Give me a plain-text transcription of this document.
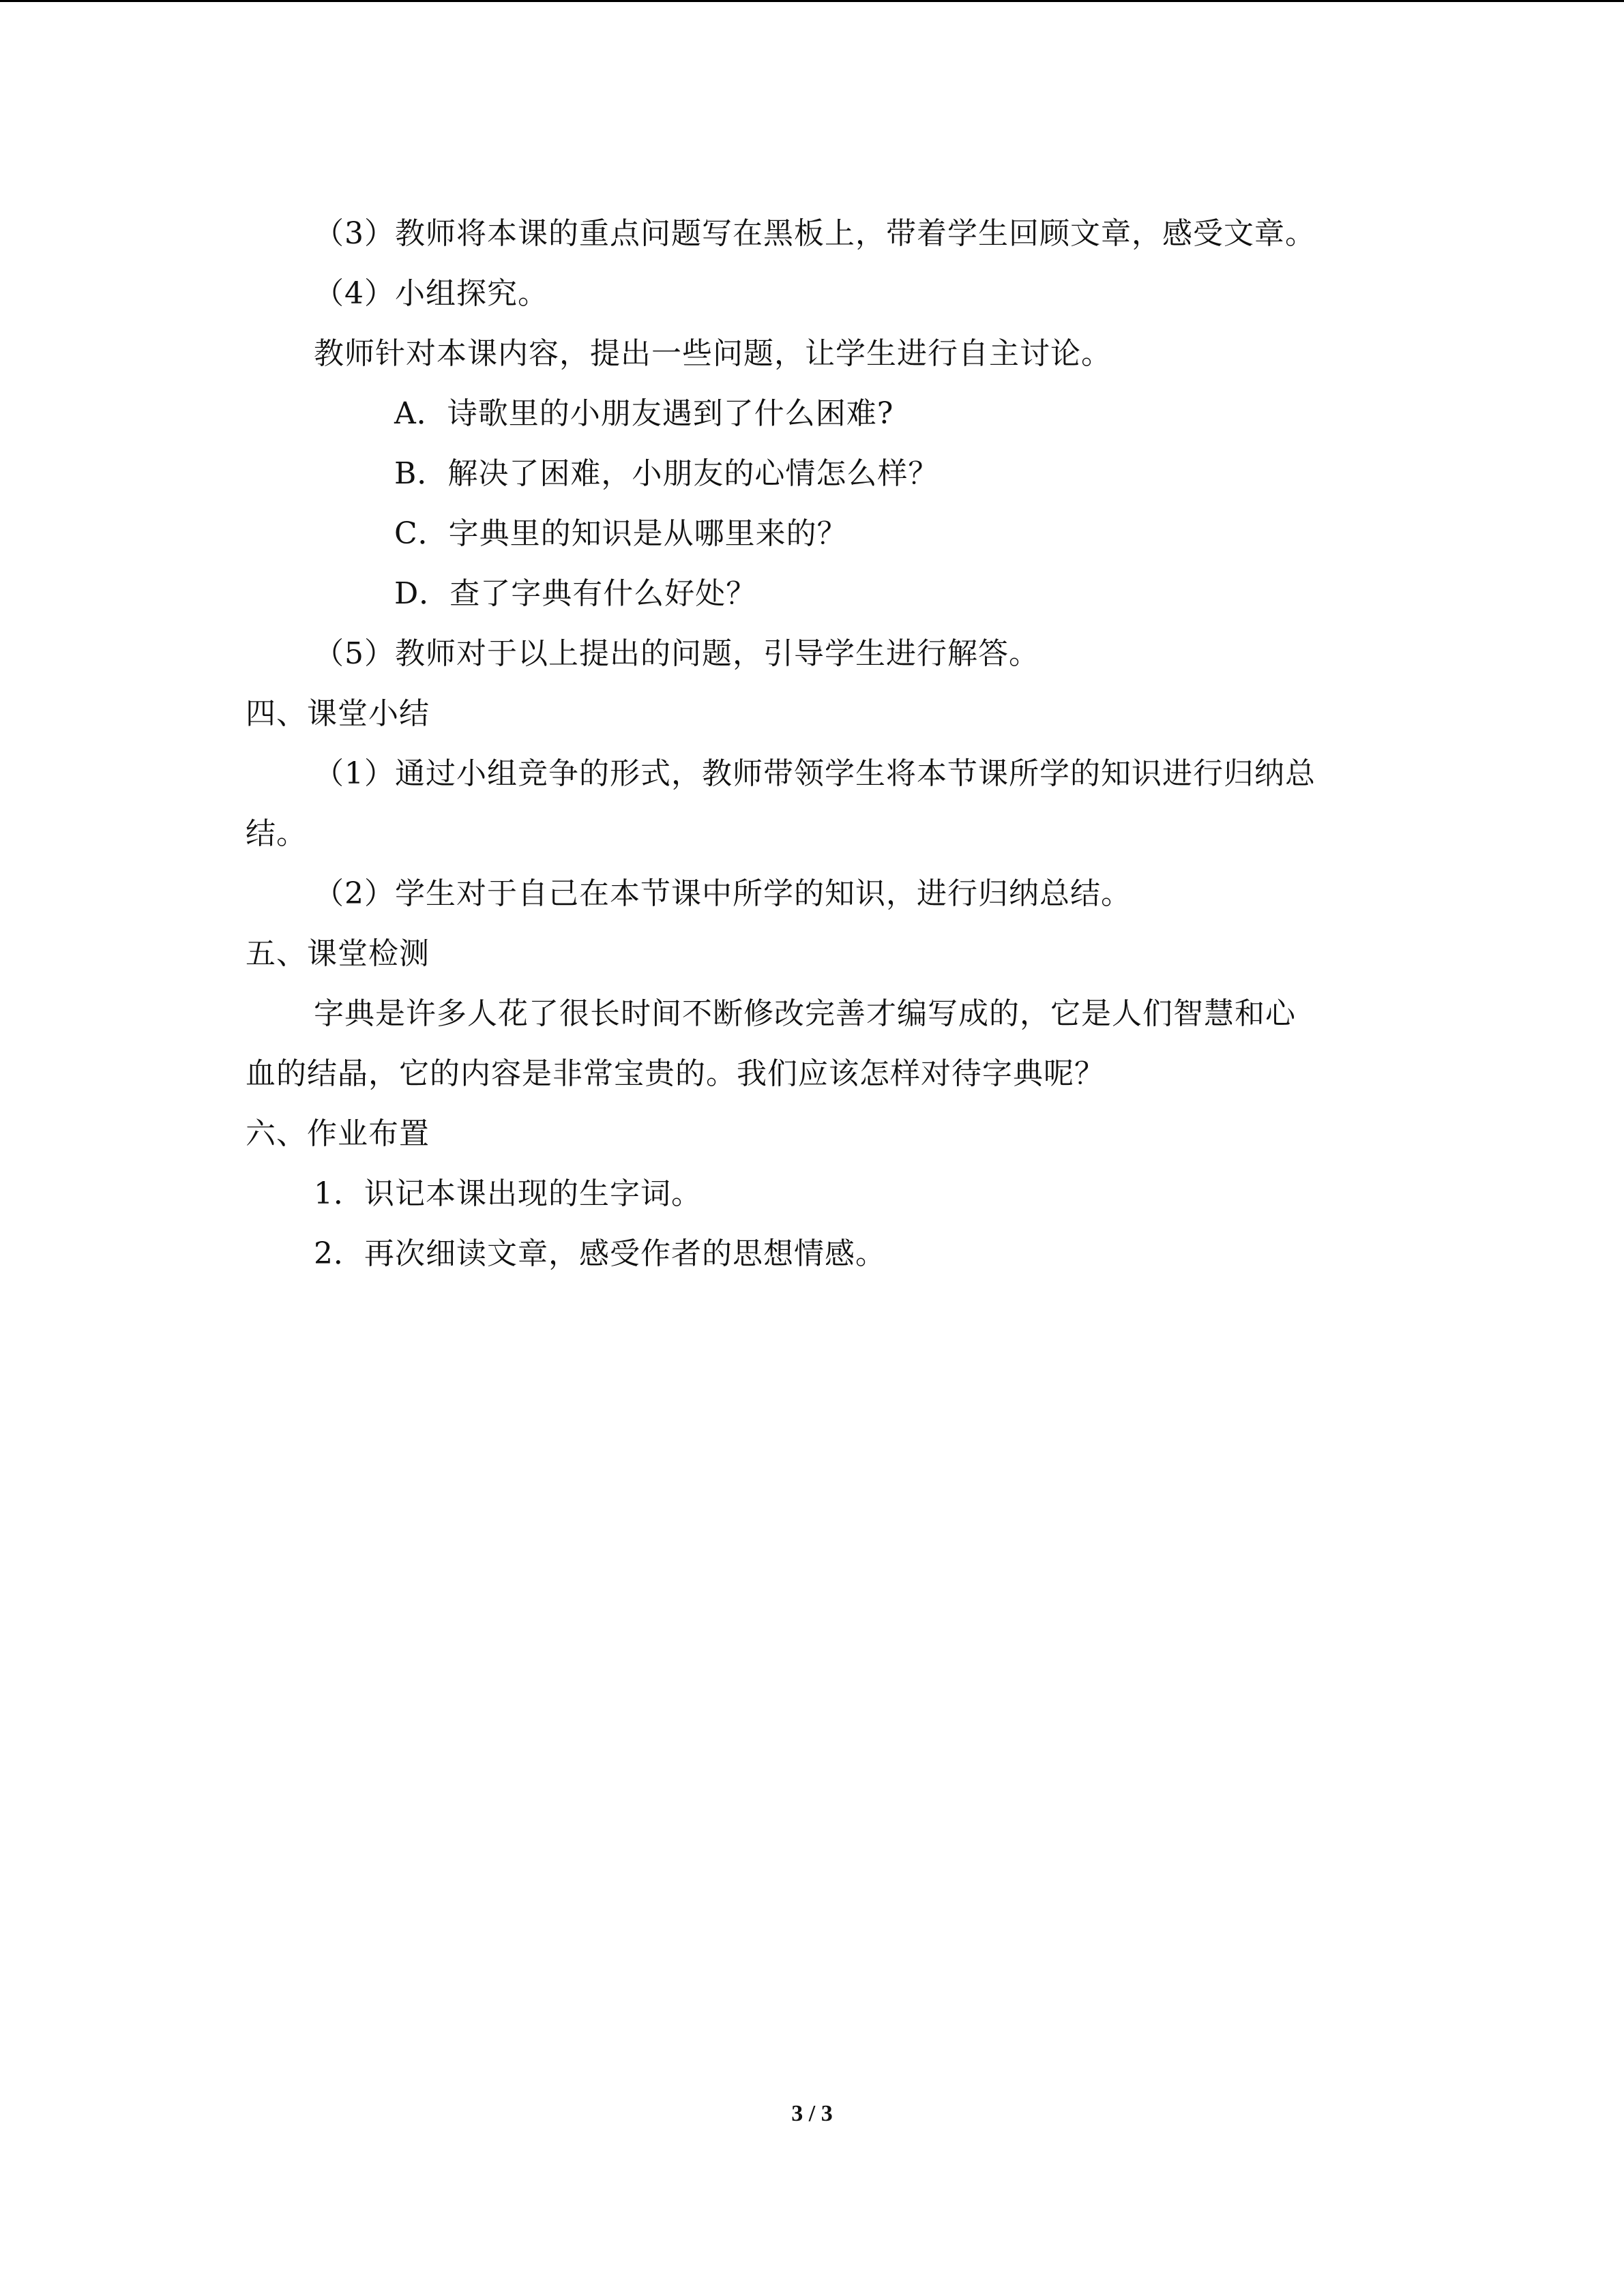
（3）教师将本课的重点问题写在黑板上，带着学生回顾文章，感受文章。
（4）小组探究。
教师针对本课内容，提出一些问题，让学生进行自主讨论。
A．诗歌里的小朋友遇到了什么困难?
B．解决了困难，小朋友的心情怎么样？
C．字典里的知识是从哪里来的？
D．查了字典有什么好处？
（5）教师对于以上提出的问题，引导学生进行解答。
四、课堂小结
（1）通过小组竞争的形式，教师带领学生将本节课所学的知识进行归纳总
结。
（2）学生对于自己在本节课中所学的知识，进行归纳总结。
五、课堂检测
字典是许多人花了很长时间不断修改完善才编写成的，它是人们智慧和心
血的结晶，它的内容是非常宝贵的。我们应该怎样对待字典呢？
六、作业布置
1．识记本课出现的生字词。
2．再次细读文章，感受作者的思想情感。
3 / 3
